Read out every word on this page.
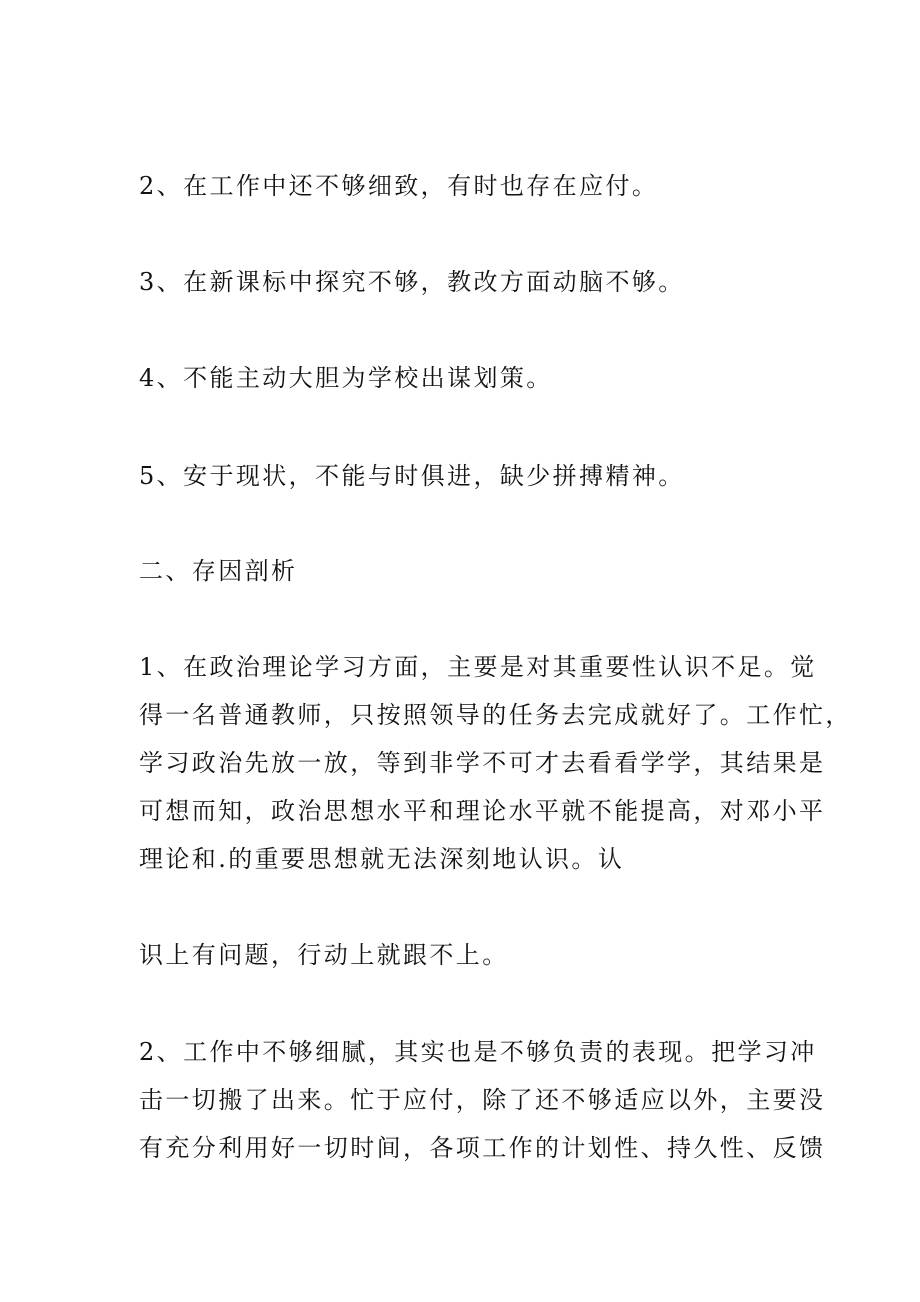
2、在工作中还不够细致，有时也存在应付。

3、在新课标中探究不够，教改方面动脑不够。

4、不能主动大胆为学校出谋划策。

5、安于现状，不能与时俱进，缺少拼搏精神。

二、存因剖析

1、在政治理论学习方面，主要是对其重要性认识不足。觉
得一名普通教师，只按照领导的任务去完成就好了。工作忙，
学习政治先放一放，等到非学不可才去看看学学，其结果是
可想而知，政治思想水平和理论水平就不能提高，对邓小平
理论和.的重要思想就无法深刻地认识。认

识上有问题，行动上就跟不上。

2、工作中不够细腻，其实也是不够负责的表现。把学习冲
击一切搬了出来。忙于应付，除了还不够适应以外，主要没
有充分利用好一切时间，各项工作的计划性、持久性、反馈
